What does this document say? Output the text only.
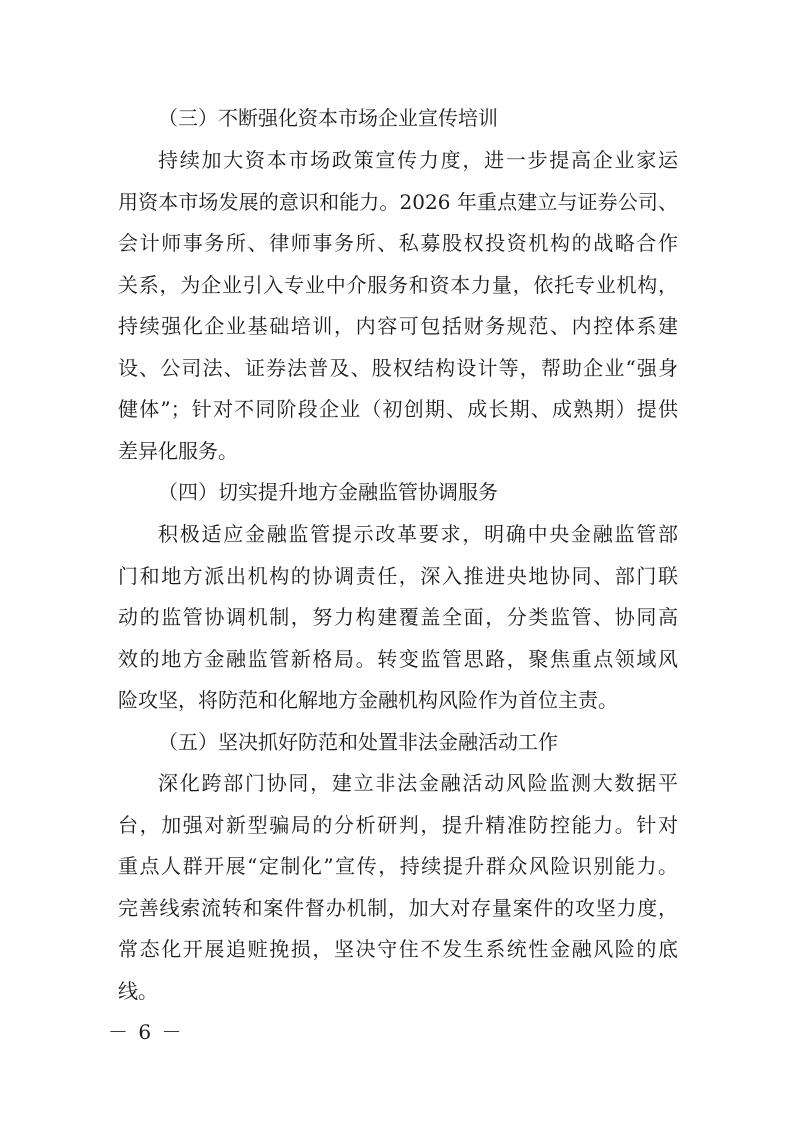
（三）不断强化资本市场企业宣传培训
持续加大资本市场政策宣传力度，进一步提高企业家运
用资本市场发展的意识和能力。2026 年重点建立与证券公司、
会计师事务所、律师事务所、私募股权投资机构的战略合作
关系，为企业引入专业中介服务和资本力量，依托专业机构，
持续强化企业基础培训，内容可包括财务规范、内控体系建
设、公司法、证券法普及、股权结构设计等，帮助企业“强身
健体”；针对不同阶段企业（初创期、成长期、成熟期）提供
差异化服务。
（四）切实提升地方金融监管协调服务
积极适应金融监管提示改革要求，明确中央金融监管部
门和地方派出机构的协调责任，深入推进央地协同、部门联
动的监管协调机制，努力构建覆盖全面，分类监管、协同高
效的地方金融监管新格局。转变监管思路，聚焦重点领域风
险攻坚，将防范和化解地方金融机构风险作为首位主责。
（五）坚决抓好防范和处置非法金融活动工作
深化跨部门协同，建立非法金融活动风险监测大数据平
台，加强对新型骗局的分析研判，提升精准防控能力。针对
重点人群开展“定制化”宣传，持续提升群众风险识别能力。
完善线索流转和案件督办机制，加大对存量案件的攻坚力度，
常态化开展追赃挽损，坚决守住不发生系统性金融风险的底
线。
－ 6 －
